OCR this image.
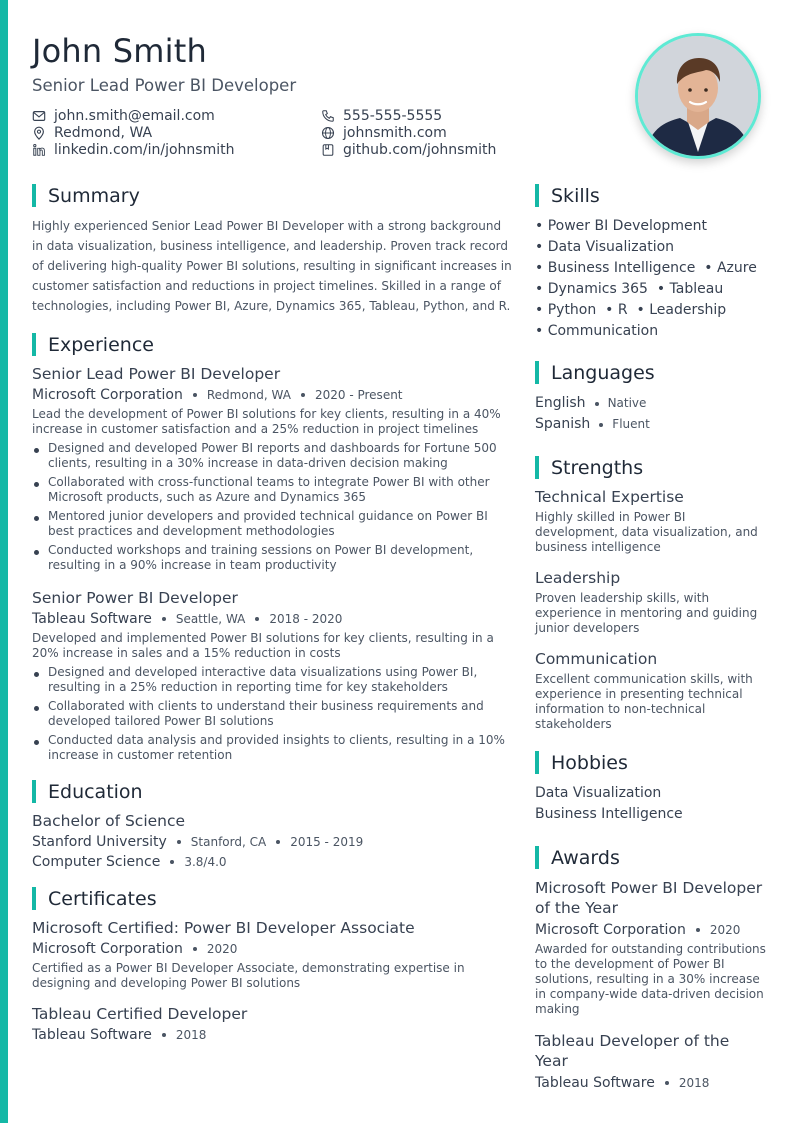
John Smith
Senior Lead Power BI Developer
john.smith@email.com	555-555-5555
Redmond, WA	johnsmith.com
linkedin.com/in/johnsmith	github.com/johnsmith
Summary
Highly experienced Senior Lead Power BI Developer with a strong background in data visualization, business intelligence, and leadership. Proven track record of delivering high-quality Power BI solutions, resulting in significant increases in customer satisfaction and reductions in project timelines. Skilled in a range of technologies, including Power BI, Azure, Dynamics 365, Tableau, Python, and R.
Experience
Senior Lead Power BI Developer
Microsoft Corporation Redmond, WA 2020 - Present
Lead the development of Power BI solutions for key clients, resulting in a 40% increase in customer satisfaction and a 25% reduction in project timelines
Designed and developed Power BI reports and dashboards for Fortune 500 clients, resulting in a 30% increase in data-driven decision making
Collaborated with cross-functional teams to integrate Power BI with other Microsoft products, such as Azure and Dynamics 365
Mentored junior developers and provided technical guidance on Power BI best practices and development methodologies
Conducted workshops and training sessions on Power BI development, resulting in a 90% increase in team productivity
Senior Power BI Developer
Tableau Software Seattle, WA 2018 - 2020
Developed and implemented Power BI solutions for key clients, resulting in a 20% increase in sales and a 15% reduction in costs
Designed and developed interactive data visualizations using Power BI, resulting in a 25% reduction in reporting time for key stakeholders
Collaborated with clients to understand their business requirements and developed tailored Power BI solutions
Conducted data analysis and provided insights to clients, resulting in a 10% increase in customer retention
Education
Bachelor of Science
Stanford University Stanford, CA 2015 - 2019
Computer Science 3.8/4.0
Certificates
Microsoft Certified: Power BI Developer Associate
Microsoft Corporation 2020
Certified as a Power BI Developer Associate, demonstrating expertise in designing and developing Power BI solutions
Tableau Certified Developer
Tableau Software 2018
Skills
• Power BI Development
• Data Visualization
• Business Intelligence  • Azure
• Dynamics 365  • Tableau
• Python  • R  • Leadership
• Communication
Languages
English Native
Spanish Fluent
Strengths
Technical Expertise
Highly skilled in Power BI development, data visualization, and business intelligence
Leadership
Proven leadership skills, with experience in mentoring and guiding junior developers
Communication
Excellent communication skills, with experience in presenting technical information to non-technical stakeholders
Hobbies
Data Visualization
Business Intelligence
Awards
Microsoft Power BI Developer of the Year
Microsoft Corporation 2020
Awarded for outstanding contributions to the development of Power BI solutions, resulting in a 30% increase in company-wide data-driven decision making
Tableau Developer of the Year
Tableau Software 2018
